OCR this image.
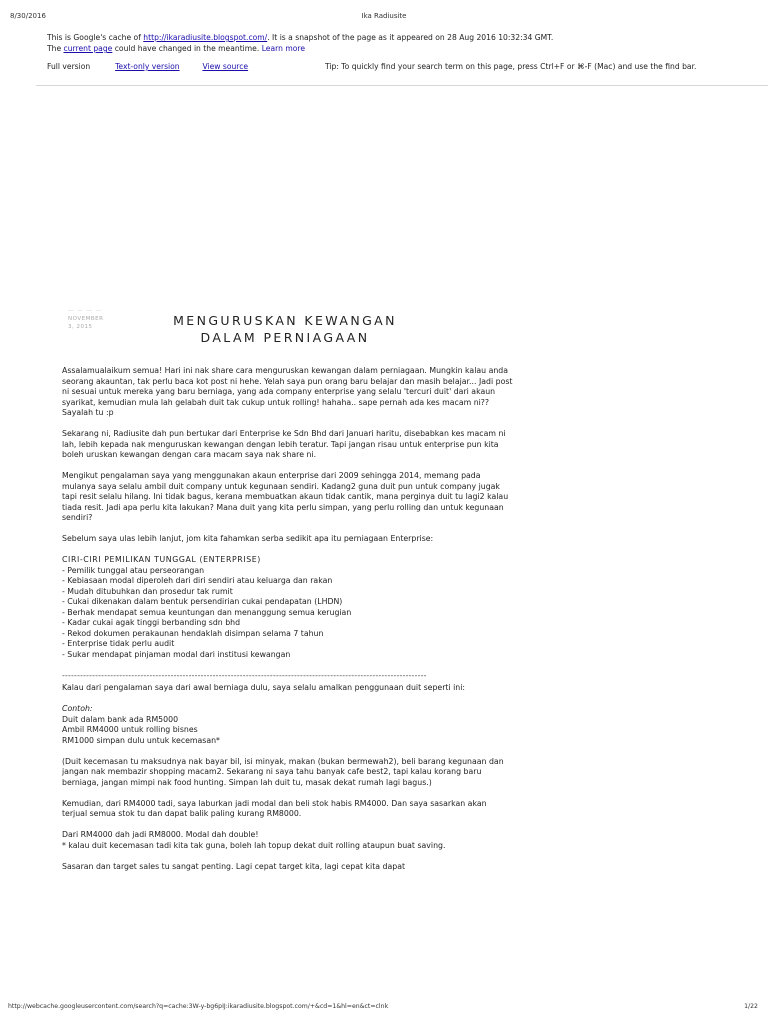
8/30/2016	Ika Radiusite
This is Google's cache of http://ikaradiusite.blogspot.com/. It is a snapshot of the page as it appeared on 28 Aug 2016 10:32:34 GMT.
The current page could have changed in the meantime. Learn more
Full version	Text-only version	View source	Tip: To quickly find your search term on this page, press Ctrl+F or ⌘-F (Mac) and use the find bar.
— — — —
NOVEMBER
3, 2015	MENGURUSKAN KEWANGAN
DALAM PERNIAGAAN

Assalamualaikum semua! Hari ini nak share cara menguruskan kewangan dalam perniagaan. Mungkin kalau anda seorang akauntan, tak perlu baca kot post ni hehe. Yelah saya pun orang baru belajar dan masih belajar... Jadi post ni sesuai untuk mereka yang baru berniaga, yang ada company enterprise yang selalu 'tercuri duit' dari akaun syarikat, kemudian mula lah gelabah duit tak cukup untuk rolling! hahaha.. sape pernah ada kes macam ni?? Sayalah tu :p

Sekarang ni, Radiusite dah pun bertukar dari Enterprise ke Sdn Bhd dari Januari haritu, disebabkan kes macam ni lah, lebih kepada nak menguruskan kewangan dengan lebih teratur. Tapi jangan risau untuk enterprise pun kita boleh uruskan kewangan dengan cara macam saya nak share ni.

Mengikut pengalaman saya yang menggunakan akaun enterprise dari 2009 sehingga 2014, memang pada mulanya saya selalu ambil duit company untuk kegunaan sendiri. Kadang2 guna duit pun untuk company jugak tapi resit selalu hilang. Ini tidak bagus, kerana membuatkan akaun tidak cantik, mana perginya duit tu lagi2 kalau tiada resit. Jadi apa perlu kita lakukan? Mana duit yang kita perlu simpan, yang perlu rolling dan untuk kegunaan sendiri?

Sebelum saya ulas lebih lanjut, jom kita fahamkan serba sedikit apa itu perniagaan Enterprise:

CIRI-CIRI PEMILIKAN TUNGGAL (ENTERPRISE)
- Pemilik tunggal atau perseorangan
- Kebiasaan modal diperoleh dari diri sendiri atau keluarga dan rakan
- Mudah ditubuhkan dan prosedur tak rumit
- Cukai dikenakan dalam bentuk persendirian cukai pendapatan (LHDN)
- Berhak mendapat semua keuntungan dan menanggung semua kerugian
- Kadar cukai agak tinggi berbanding sdn bhd
- Rekod dokumen perakaunan hendaklah disimpan selama 7 tahun
- Enterprise tidak perlu audit
- Sukar mendapat pinjaman modal dari institusi kewangan
-------------------------------------------------------------------------------------------------------------------------

Kalau dari pengalaman saya dari awal berniaga dulu, saya selalu amalkan penggunaan duit seperti ini:

Contoh:
Duit dalam bank ada RM5000
Ambil RM4000 untuk rolling bisnes
RM1000 simpan dulu untuk kecemasan*

(Duit kecemasan tu maksudnya nak bayar bil, isi minyak, makan (bukan bermewah2), beli barang kegunaan dan jangan nak membazir shopping macam2. Sekarang ni saya tahu banyak cafe best2, tapi kalau korang baru berniaga, jangan mimpi nak food hunting. Simpan lah duit tu, masak dekat rumah lagi bagus.)

Kemudian, dari RM4000 tadi, saya laburkan jadi modal dan beli stok habis RM4000. Dan saya sasarkan akan terjual semua stok tu dan dapat balik paling kurang RM8000.

Dari RM4000 dah jadi RM8000. Modal dah double!
* kalau duit kecemasan tadi kita tak guna, boleh lah topup dekat duit rolling ataupun buat saving.

Sasaran dan target sales tu sangat penting. Lagi cepat target kita, lagi cepat kita dapat

http://webcache.googleusercontent.com/search?q=cache:3W-y-bg6pIJ:ikaradiusite.blogspot.com/+&cd=1&hl=en&ct=clnk	1/22
